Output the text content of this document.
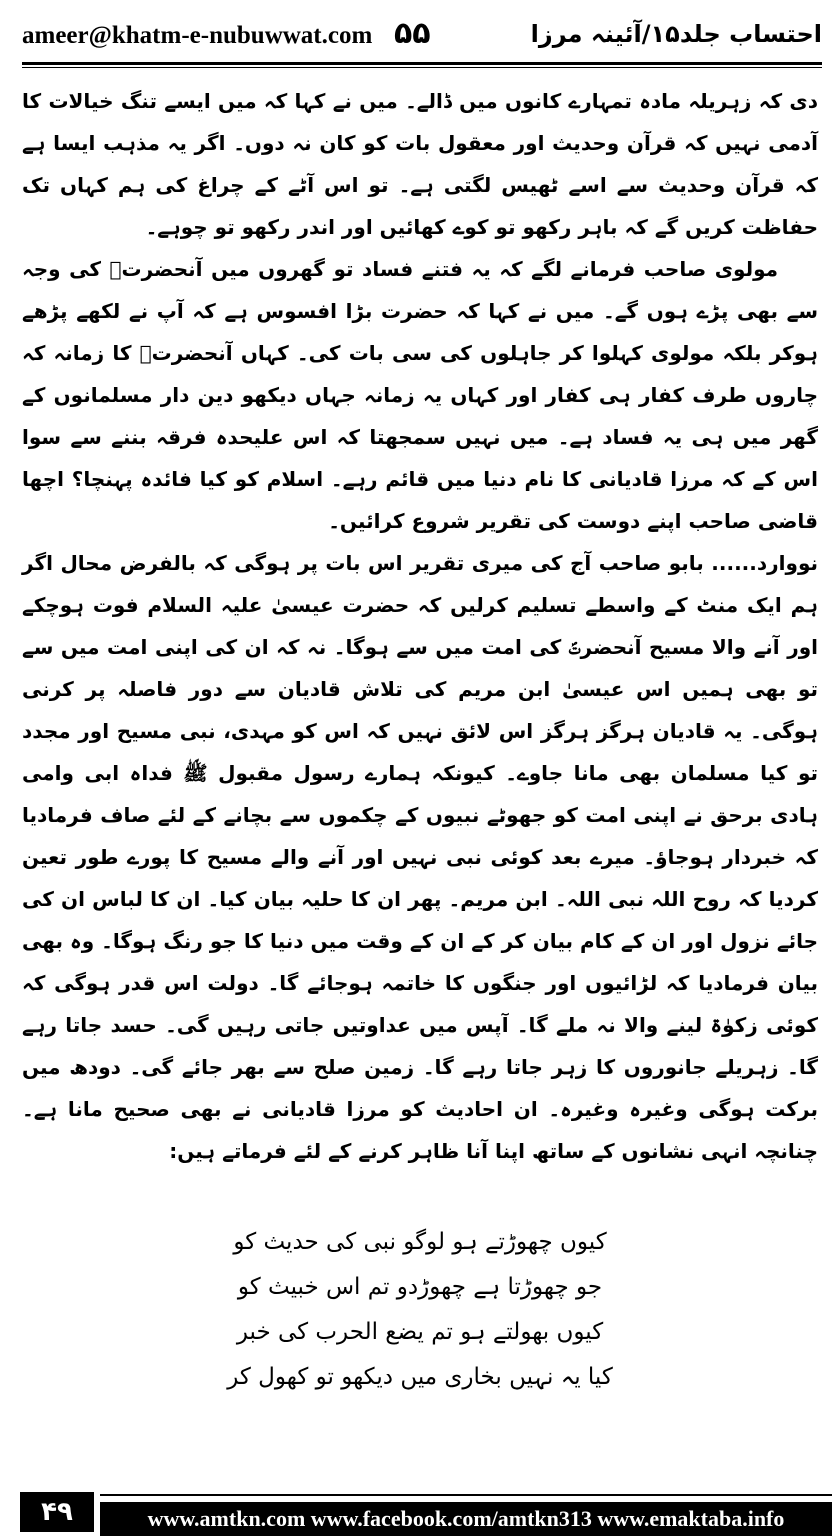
ameer@khatm-e-nubuwwat.com ۵۵	احتساب جلد۱۵/آئینہ مرزا

دی کہ زہریلہ مادہ تمہارے کانوں میں ڈالے۔ میں نے کہا کہ میں ایسے تنگ خیالات کا آدمی نہیں کہ قرآن وحدیث اور معقول بات کو کان نہ دوں۔ اگر یہ مذہب ایسا ہے کہ قرآن وحدیث سے اسے ٹھیس لگتی ہے۔ تو اس آٹے کے چراغ کی ہم کہاں تک حفاظت کریں گے کہ باہر رکھو تو کوے کھائیں اور اندر رکھو تو چوہے۔

مولوی صاحب فرمانے لگے کہ یہ فتنے فساد تو گھروں میں آنحضرتؐ کی وجہ سے بھی پڑے ہوں گے۔ میں نے کہا کہ حضرت بڑا افسوس ہے کہ آپ نے لکھے پڑھے ہوکر بلکہ مولوی کہلوا کر جاہلوں کی سی بات کی۔ کہاں آنحضرتؐ کا زمانہ کہ چاروں طرف کفار ہی کفار اور کہاں یہ زمانہ جہاں دیکھو دین دار مسلمانوں کے گھر میں ہی یہ فساد ہے۔ میں نہیں سمجھتا کہ اس علیحدہ فرقہ بننے سے سوا اس کے کہ مرزا قادیانی کا نام دنیا میں قائم رہے۔ اسلام کو کیا فائدہ پہنچا؟ اچھا قاضی صاحب اپنے دوست کی تقریر شروع کرائیں۔

نووارد...... بابو صاحب آج کی میری تقریر اس بات پر ہوگی کہ بالفرض محال اگر ہم ایک منٹ کے واسطے تسلیم کرلیں کہ حضرت عیسیٰ علیہ السلام فوت ہوچکے اور آنے والا مسیح آنحضرتؐ کی امت میں سے ہوگا۔ نہ کہ ان کی اپنی امت میں سے تو بھی ہمیں اس عیسیٰ ابن مریم کی تلاش قادیان سے دور فاصلہ پر کرنی ہوگی۔ یہ قادیان ہرگز ہرگز اس لائق نہیں کہ اس کو مہدی، نبی مسیح اور مجدد تو کیا مسلمان بھی مانا جاوے۔ کیونکہ ہمارے رسول مقبول ﷺ فداہ ابی وامی ہادی برحق نے اپنی امت کو جھوٹے نبیوں کے چکموں سے بچانے کے لئے صاف فرمادیا کہ خبردار ہوجاؤ۔ میرے بعد کوئی نبی نہیں اور آنے والے مسیح کا پورے طور تعین کردیا کہ روح اللہ نبی اللہ۔ ابن مریم۔ پھر ان کا حلیہ بیان کیا۔ ان کا لباس ان کی جائے نزول اور ان کے کام بیان کر کے ان کے وقت میں دنیا کا جو رنگ ہوگا۔ وہ بھی بیان فرمادیا کہ لڑائیوں اور جنگوں کا خاتمہ ہوجائے گا۔ دولت اس قدر ہوگی کہ کوئی زکوٰۃ لینے والا نہ ملے گا۔ آپس میں عداوتیں جاتی رہیں گی۔ حسد جاتا رہے گا۔ زہریلے جانوروں کا زہر جاتا رہے گا۔ زمین صلح سے بھر جائے گی۔ دودھ میں برکت ہوگی وغیرہ وغیرہ۔ ان احادیث کو مرزا قادیانی نے بھی صحیح مانا ہے۔ چنانچہ انہی نشانوں کے ساتھ اپنا آنا ظاہر کرنے کے لئے فرماتے ہیں:

کیوں چھوڑتے ہو لوگو نبی کی حدیث کو
جو چھوڑتا ہے چھوڑدو تم اس خبیث کو
کیوں بھولتے ہو تم یضع الحرب کی خبر
کیا یہ نہیں بخاری میں دیکھو تو کھول کر
۴۹	www.amtkn.com www.facebook.com/amtkn313 www.emaktaba.info
